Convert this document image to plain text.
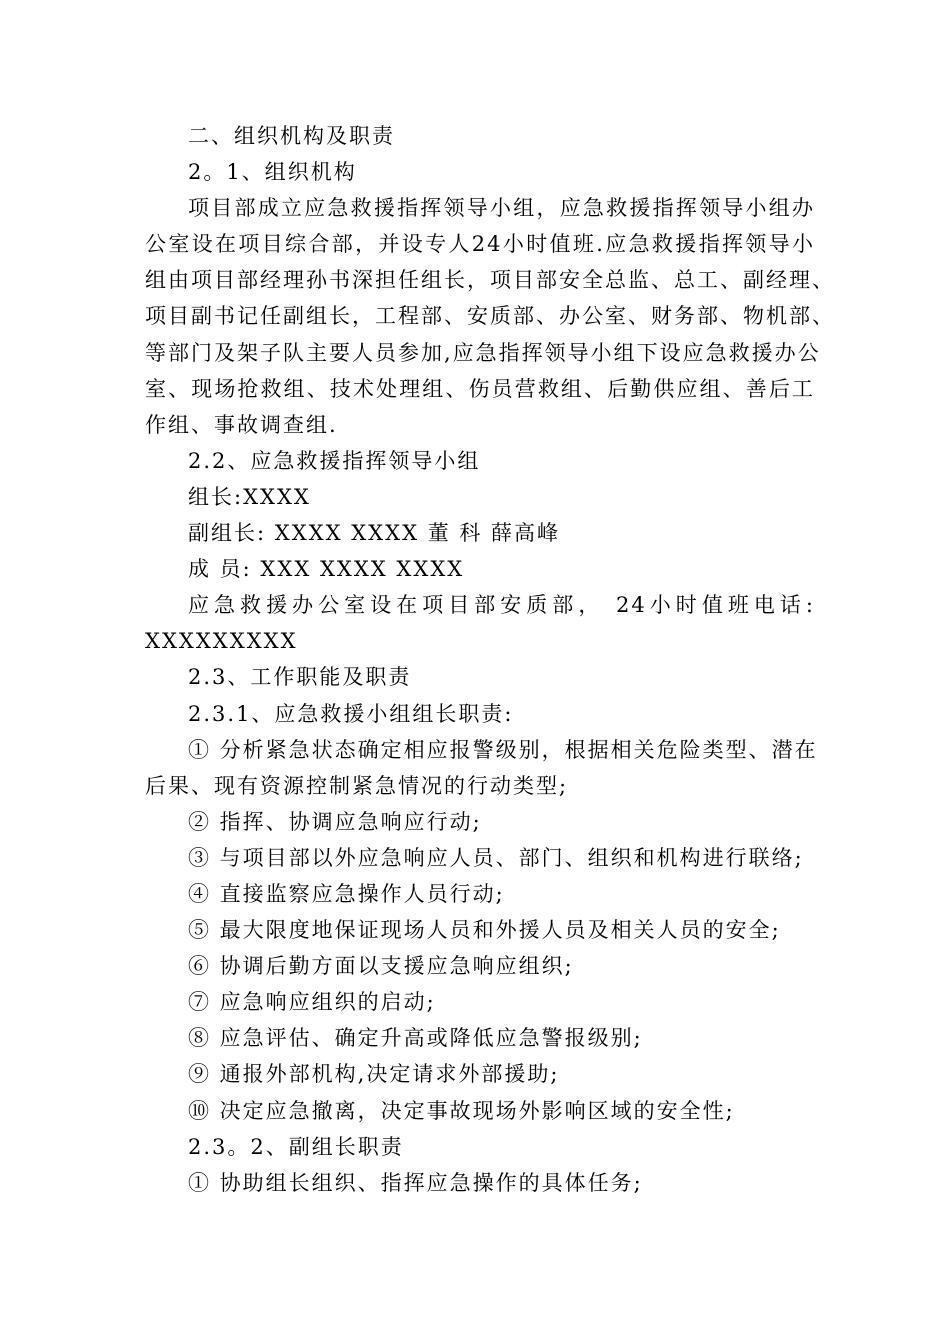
二、组织机构及职责
2。1、组织机构
项目部成立应急救援指挥领导小组，应急救援指挥领导小组办
公室设在项目综合部，并设专人24小时值班.应急救援指挥领导小
组由项目部经理孙书深担任组长，项目部安全总监、总工、副经理、
项目副书记任副组长，工程部、安质部、办公室、财务部、物机部、
等部门及架子队主要人员参加,应急指挥领导小组下设应急救援办公
室、现场抢救组、技术处理组、伤员营救组、后勤供应组、善后工
作组、事故调查组.
2.2、应急救援指挥领导小组
组长:XXXX
副组长: XXXX XXXX 董 科 薛高峰
成 员: XXX XXXX XXXX
应急救援办公室设在项目部安质部， 24小时值班电话:
XXXXXXXXX
2.3、工作职能及职责
2.3.1、应急救援小组组长职责:
① 分析紧急状态确定相应报警级别，根据相关危险类型、潜在
后果、现有资源控制紧急情况的行动类型;
② 指挥、协调应急响应行动;
③ 与项目部以外应急响应人员、部门、组织和机构进行联络;
④ 直接监察应急操作人员行动;
⑤ 最大限度地保证现场人员和外援人员及相关人员的安全;
⑥ 协调后勤方面以支援应急响应组织;
⑦ 应急响应组织的启动;
⑧ 应急评估、确定升高或降低应急警报级别;
⑨ 通报外部机构,决定请求外部援助;
⑩ 决定应急撤离，决定事故现场外影响区域的安全性;
2.3。2、副组长职责
① 协助组长组织、指挥应急操作的具体任务;
